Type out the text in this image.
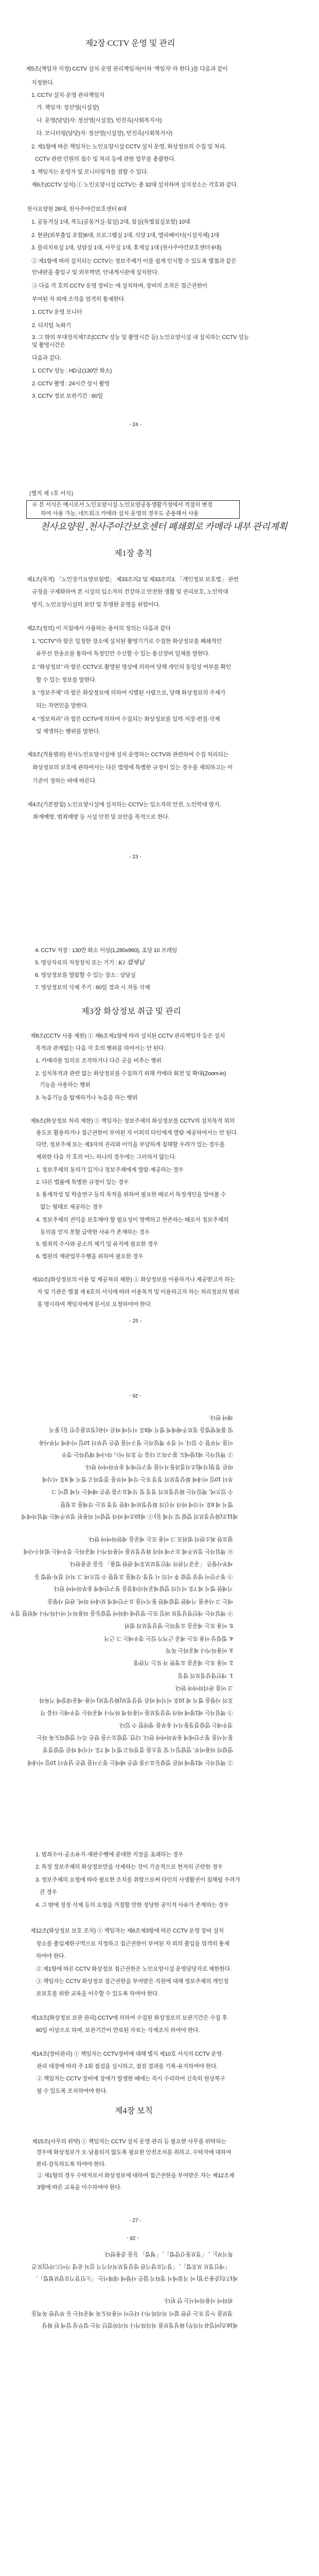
제2장 CCTV 운영 및 관리
제5조(책임자 지정) CCTV 설치·운영 관리책임자(이하 ‘책임자’ 라 한다.)를 다음과 같이
지정한다.
1. CCTV 설치·운영 관리책임자
가. 책임자: 정선영(시설장)
나. 운영(담당)자: 정선영(시설장), 빈진옥(사회복지사)
다. 모니터링(담당)자: 정선영(시설장), 빈진옥(사회복지사)
2. 제1항에 따른 책임자는 노인요양시설 CCTV 설치 운영, 화상정보의 수집 및 처리,
CCTV 관련 민원의 접수 및 처리 등에 관한 업무를 총괄한다.
3. 책임자는 운영자 및 모니터링자를 겸할 수 있다.
제6조(CCTV 설치) ① 노인요양시설 CCTV는 총 32대 설치하며 설치장소는 각호와 같다.
천사요양원 26대, 천사주야간보호센터 6대
1. 공동거실 1대, 복도(공동거실-침실) 2대, 침실(특별침실포함) 10대
2. 현관(외부출입 포함)6대, 프로그램실 1대, 식당 1대, 엘리베이터(시설자체) 1대
3. 물리치료실 1대, 상담실 1대, 사무실 1대, 휴게실 1대 (천사주야간보호센터 6대)
② 제1항에 따라 설치되는 CCTV는 정보주체가 이를 쉽게 인식할 수 있도록 별첨과 같은
안내판을 출입구 및 외부벽면, 안내게시판에 설치한다.
③ 다음 각 호의 CCTV 운영 장비는 에 설치하며, 장비의 조작은 접근권한이
부여된 자 외에 조작을 엄격히 통제한다.
1. CCTV 운영 모니터
2. 디지털 녹화기
3. 그 밖의 부대장치제7조(CCTV 성능 및 촬영시간 등) 노인요양시설 내 설치하는 CCTV 성능
및 촬영시간은
다음과 같다.
1. CCTV 성능 : HD급(130만 화소)
2. CCTV 촬영 : 24시간 상시 촬영
3. CCTV 정보 보관기간 : 60일
- 24 -
[별지 제 1호 서식]
※ 본 서식은 예시로서 노인요양시설·노인요양공동생활가정에서 적절히 변경
하여 사용 가능, 네트워크 카메라 설치·운영의 경우도 준용해서 사용
천사요양원 ,천사주야간보호센터 폐쇄회로 카메라 내부 관리계획
제1장 총칙
제1조(목적) 「노인장기요양보험법」 제33조의2 및 제33조의3, 「개인정보 보호법」 관련
규정을 구체화하여 본 시설의 입소자의 건강하고 안전한 생활 및 권리보호, 노인학대
방지, 노인요양시설의 보안 및 투명한 운영을 위함이다.
제2조(정의) 이 지침에서 사용하는 용어의 정의는 다음과 같다
1. "CCTV"라 함은 일정한 장소에 설치된 촬영기기로 수집한 화상정보를 폐쇄적인
유무선 전송로를 통하여 특정인만 수신할 수 있는 통신장비 일체를 말한다.
2. “화상정보” 라 함은 CCTV로 촬영된 영상에 의하여 당해 개인의 동일성 여부를 확인
할 수 있는 정보를 말한다.
3. “정보주체” 라 함은 화상정보에 의하여 식별된 사람으로, 당해 화상정보의 주체가
되는 자연인을 말한다.
4. “정보처리” 라 함은 CCTV에 의하여 수집되는 화상정보를 입력·저장·편집·삭제
및 재생하는 행위를 말한다.
제3조(적용범위) 천사노인요양시설에 설치 운영하는 CCTV와 관련하여 수집 처리되는
화상정보의 보호에 관하여서는 다른 법령에 특별한 규정이 있는 경우를 제외하고는 이
기준이 정하는 바에 따른다.
제4조(기본방침) 노인요양시설에 설치하는 CCTV는 입소자의 안전, 노인학대 방지,
화재예방, 범죄예방 등 시설 안전 및 보안을 목적으로 한다.
- 23 -
4. CCTV 저장 : 130만 화소 이상(1,280x960), 초당 10 프레임
5. 영상자료의 저장장치 또는 기기 : K1 캡채널
6. 영상정보를 열람할 수 있는 장소 : 상담실
7. 영상정보의 삭제 주기 : 60일 경과 시 자동 삭제
제3장 화상정보 취급 및 관리
제8조(CCTV 사용 제한) ① 제6조제1항에 따라 설치된 CCTV 관리책임자 등은 설치
목적과 관계없는 다음 각 호의 행위를 하여서는 안 된다.
1. 카메라를 임의로 조작하거나 다른 곳을 비추는 행위
2. 설치목적과 관련 없는 화상정보를 수집하기 위해 카메라 회전 및 확대(Zoom-in)
기능을 사용하는 행위
3. 녹음기능을 탑재하거나 녹음을 하는 행위
제9조(화상정보 처리 제한) ① 책임자는 정보주체의 화상정보를 CCTV의 설치목적 외의
용도로 활용하거나 접근권한이 부여된 자 이외의 타인에게 열람·제공하여서는 안 된다.
다만, 정보주체 또는 제3자의 권리와 이익을 부당하게 침해할 우려가 있는 경우를
제외한 다음 각 호의 어느 하나의 경우에는 그러하지 않는다.
1. 정보주체의 동의가 있거나 정보주체에게 열람·제공하는 경우
2. 다른 법률에 특별한 규정이 있는 경우
3. 통계작성 및 학술연구 등의 목적을 위하여 필요한 때로서 특정개인을 알아볼 수
없는 형태로 제공하는 경우
4. 정보주체의 권익을 보호해야 할 필요성이 명백하고 현존하는 때로서 정보주체의
동의를 얻지 못할 급박한 사유가 존재하는 경우
5. 범죄의 수사와 공소의 제기 및 유지에 필요한 경우
6. 법원의 재판업무수행을 위하여 필요한 경우
제10조(화상정보의 이용 및 제공처리 제한) ① 화상정보를 이용하거나 제공받고자 하는
자 및 기관은 별첨 제 6호의 서식에 따라 이용목적 및 이용하고자 하는 처리정보의 범위
를 명시하여 책임자에게 문서로 요청하여야 한다.
- 25 -
② 책임자는 제1항에 따른 열람등요구를 받은 때에는 청구서를 받은 날부터 10일 이내에
열람의 허용여부, 열람일시 및 장소를 결정하고 별지 제 7호 서식에 따른 열람결정
통지서를 청구인에게 송부하여야 한다. 다만, 열람요구를 받은 즉시 열람하도록 하는
경우에는 열람결정통지서 송부를 생략할 수 있다.
③ 책임자는 제1항에 따라 영상정보를 이용하게 하거나 제공하는 경우에는 다음 각
호의 사항을 별지 제 10호 서식에 따른 영상정보(화상정보) 이용·제공대장에 기록하
고 이를 관리하여야 한다.
1. 개인영상정보의 명칭
2. 이용 또는 제공을 요청한 자 또는 기관명
3. 이용하거나 제공하는 목적
4. 법령상 이용 또는 제공 근거가 있는 경우에는 그 근거
5. 이용 또는 제공을 요청하는 영상정보의 범위
④ 책임자는 개인영상정보 파일 또는 영상에 대하여 열람등을 허용하지 아니하거나 제한할 경우
에는 그 사유를 기재한 열람제한 통지서를 요구인에게 보내야 하며, 관련 사항을
기재한 별지 제 7호 서식의 열람제공처리대장을 청구인에게 송부하여야 한다.
⑤ 청구인이 영상 열람 후 이의 시 정정·삭제를 요청할 수 있으며 그 처리 절차·방법 등
세부사항은 「공공기관의 개인정보보호에 관한 법률」 등을 준용한다.
⑥ 책임자는 정보주체 요구에 따라 화상정보를 이용하거나 제공하는 경우에는 범죄수사에
필요한 최소한의 범위로 그 이용 또는 제공을 제한하여야 한다.
제11조(화상정보의 열람 및 삭제 등) ① 제10조에 따라 열람이 허용된 정보주체는 책임자에게
별지 제 8호 서식에 따라 자신의 화상정보에 대한 정정 또는 삭제를 요청할
수 있으며, 책임자는 화상정보의 정정 및 삭제요구를 받은 때에는 지체 없이 그
부터 10일 이내에 화상정보의 정정 또는 삭제 여부를 결정하고 별지 제 9호 서식에
따른 정정(삭제)조치결과통지서를 청구인에게 송부하여야 한다.
② 책임자는 제1항에도 불구하고 다음 각 호의 어느 하나에 해당하는 경우
이를 거부할 수 있다. 이 경우 책임자는 청구서를 받은 날부터 10일 이내에 거부사유
및 불복방법을 정보주체에게 별지 제9호 서식에 따른 사유(정보불승인 등) 통지
해야 한다.
- 26 -
1. 범죄수사·공소유지·재판수행에 중대한 지장을 초래하는 경우
2. 특정 정보주체의 화상정보만을 삭제하는 것이 기술적으로 현저히 곤란한 경우
3. 정보주체의 요청에 따라 필요한 조치를 취함으로써 타인의 사생활권이 침해될 우려가
큰 경우
4. 그 밖에 정정·삭제 등의 요청을 거절할 만한 정당한 공익적 사유가 존재하는 경우
제12조(화상정보 보호 조치) ① 책임자는 제6조제3항에 따른 CCTV 운영 장비 설치
장소를 출입제한구역으로 지정하고 접근권한이 부여된 자 외의 출입을 엄격히 통제
하여야 한다.
② 제1항에 따른 CCTV 화상정보 접근권한은 노인요양시설 운영담당자로 제한한다.
③ 책임자는 CCTV 화상정보 접근권한을 부여받은 직원에 대해 정보주체의 개인정
보보호를 위한 교육을 이수할 수 있도록 하여야 한다.
제13조(화상정보 보관 관리) CCTV에 의하여 수집된 화상정보의 보관기간은 수집 후
60일 이상으로 하며, 보관기간이 만료된 자료는 삭제조치 하여야 한다.
제14조(장비관리) ① 책임자는 CCTV장비에 대해 별지 제10호 서식의 CCTV 운영·
관리 대장에 따라 주 1회 점검을 실시하고, 점검 결과를 기록·유지하여야 한다.
② 책임자는 CCTV 장비에 장애가 발생한 때에는 즉시 수리하여 신속히 원상복구
될 수 있도록 조치하여야 한다.
제4장 보칙
제15조(사무의 위탁) ① 책임자는 CCTV 설치 운영·관리 등 필요한 사무를 위탁하는
경우에 화상정보가 오·남용되지 않도록 필요한 안전조치를 취하고, 수탁자에 대하여
관리·감독하도록 하여야 한다.
② 제1항의 경우 수탁자로서 화상정보에 대하여 접근권한을 부여받은 자는 제12조제
3항에 따른 교육을 이수하여야 한다.
- 27 -
제16조(비밀유지의무) 화상정보를 처리하거나 처리하였던 자는 업무상 알게 된 화상
정보를 누설 또는 권한 없이 처리하거나 타인이 이용하도록 제공하는 등 부당한 목적을
위하여 사용하여서는 안 된다.
제17조(준용규정) 이 지침에서 정하지 않은 사항에 대해서는 「노인장기요양보험법」,
「개인정보 보호법」, 「장기요양기관 영상정보처리기기 설치·운영 가이드라인(보건
복지부)」, 「정보통신망법」, 「형법」 등을 준용한다.
- 28 -
